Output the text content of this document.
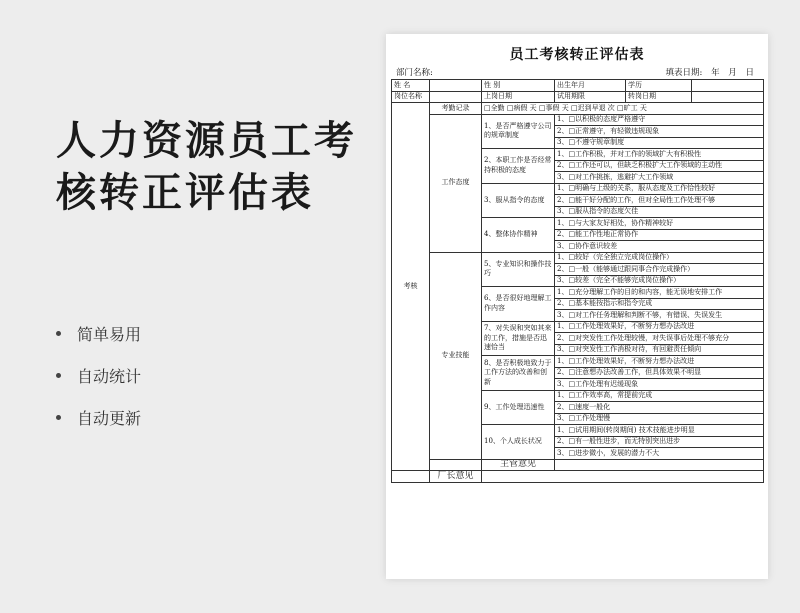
人力资源员工考
核转正评估表
简单易用
自动统计
自动更新
员工考核转正评估表
部门名称:	填表日期: 年 月 日
姓 名		性 别	出生年月	学历	
岗位名称		上岗日期	试用期限	转岗日期	
考核	考勤记录	□全勤 □病假 天 □事假 天 □迟到早退 次 □旷工 天			
	工作态度	1、是否严格遵守公司的规章制度	1、□以积极的态度严格遵守		
			2、□正常遵守，有轻微违规现象		
			3、□不遵守规章制度		
		2、本职工作是否经常持积极的态度	1、□工作积极，并对工作的领域扩大有积极性		
			2、□工作还可以，但缺乏积极扩大工作领域的主动性		
			3、□对工作挑拣，逃避扩大工作领域		
		3、服从指令的态度	1、□明确与上级的关系，服从态度及工作恰性较好		
			2、□能干好分配的工作，但对全局性工作处理不够		
			3、□服从指令的态度欠佳		
		4、整体协作精神	1、□与大家友好相处，协作精神较好		
			2、□能工作性地正常协作		
			3、□协作意识较差		
	专业技能	5、专业知识和操作技巧	1、□较好（完全独立完成岗位操作）		
			2、□一般（能够通过跟同事合作完成操作）		
			3、□较差（完全不能够完成岗位操作）		
		6、是否很好地理解工作内容	1、□充分理解工作的目的和内容，能无误地安排工作		
			2、□基本能按指示和指令完成		
			3、□对工作任务理解和判断不够，有错误、失误发生		
		7、对失误和突如其来的工作，措施是否迅速恰当	1、□工作处理效果好，不断努力想办法改进		
			2、□对突发性工作处理较慢，对失误事后处理不够充分		
			3、□对突发性工作消极对待，有回避责任倾向		
		8、是否积极地致力于工作方法的改善和创新	1、□工作处理效果好，不断努力想办法改进		
			2、□注意想办法改善工作，但具体效果不明显		
			3、□工作处理有迟缓现象		
		9、工作处理迅速性	1、□工作效率高，常提前完成		
			2、□速度一般化		
			3、□工作处理慢		
		10、个人成长状况	1、□试用期间(转岗期间) 技术技能进步明显		
			2、□有一般性进步，而无特别突出进步		
			3、□进步微小，发展的潜力不大		
		主管意见			
	厂长意见				
